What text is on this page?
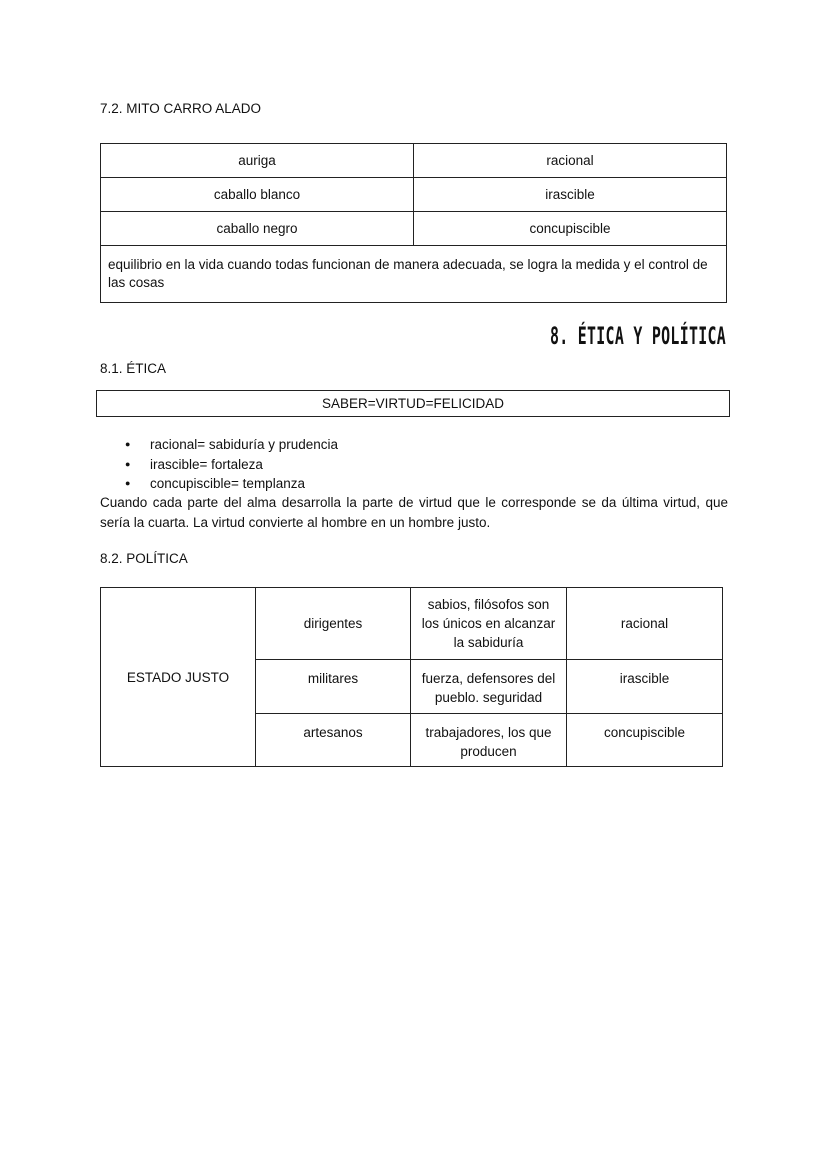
7.2. MITO CARRO ALADO
auriga	racional
caballo blanco	irascible
caballo negro	concupiscible
equilibrio en la vida cuando todas funcionan de manera adecuada, se logra la medida y el control de las cosas	
8. ÉTICA Y POLÍTICA
8.1. ÉTICA
SABER=VIRTUD=FELICIDAD
● racional= sabiduría y prudencia
● irascible= fortaleza
● concupiscible= templanza
Cuando cada parte del alma desarrolla la parte de virtud que le corresponde se da última virtud, que sería la cuarta. La virtud convierte al hombre en un hombre justo.
8.2. POLÍTICA
ESTADO JUSTO	dirigentes	sabios, filósofos son los únicos en alcanzar la sabiduría	racional
	militares	fuerza, defensores del pueblo. seguridad	irascible
	artesanos	trabajadores, los que producen	concupiscible
